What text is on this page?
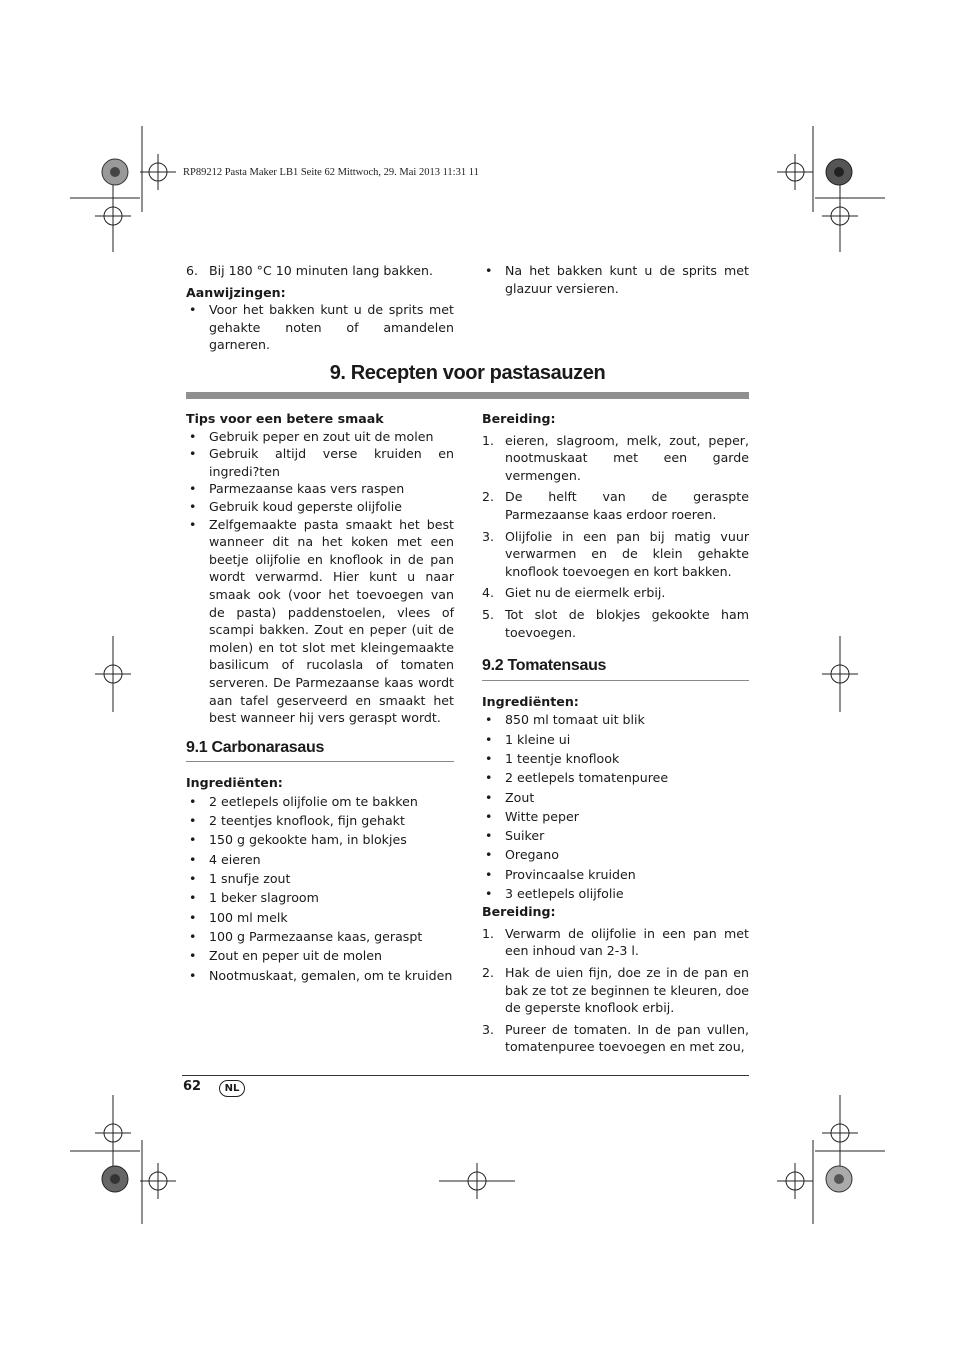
RP89212 Pasta Maker LB1 Seite 62 Mittwoch, 29. Mai 2013 11:31 11
6. Bij 180 °C 10 minuten lang bakken.

Aanwijzingen:

• Voor het bakken kunt u de sprits met gehakte noten of amandelen garneren.
• Na het bakken kunt u de sprits met glazuur versieren.
9. Recepten voor pastasauzen

Tips voor een betere smaak

• Gebruik peper en zout uit de molen
• Gebruik altijd verse kruiden en ingredi?ten
• Parmezaanse kaas vers raspen
• Gebruik koud geperste olijfolie
• Zelfgemaakte pasta smaakt het best wanneer dit na het koken met een beetje olijfolie en knoflook in de pan wordt verwarmd. Hier kunt u naar smaak ook (voor het toevoegen van de pasta) paddenstoelen, vlees of scampi bakken. Zout en peper (uit de molen) en tot slot met kleingemaakte basilicum of rucolasla of tomaten serveren. De Parmezaanse kaas wordt aan tafel geserveerd en smaakt het best wanneer hij vers geraspt wordt.
9.1 Carbonarasaus

Ingrediënten:

• 2 eetlepels olijfolie om te bakken
• 2 teentjes knoflook, fijn gehakt
• 150 g gekookte ham, in blokjes
• 4 eieren
• 1 snufje zout
• 1 beker slagroom
• 100 ml melk
• 100 g Parmezaanse kaas, geraspt
• Zout en peper uit de molen
• Nootmuskaat, gemalen, om te kruiden

Bereiding:

1. eieren, slagroom, melk, zout, peper, nootmuskaat met een garde vermengen.
2. De helft van de geraspte Parmezaanse kaas erdoor roeren.
3. Olijfolie in een pan bij matig vuur verwarmen en de klein gehakte knoflook toevoegen en kort bakken.
4. Giet nu de eiermelk erbij.
5. Tot slot de blokjes gekookte ham toevoegen.
9.2 Tomatensaus

Ingrediënten:

• 850 ml tomaat uit blik
• 1 kleine ui
• 1 teentje knoflook
• 2 eetlepels tomatenpuree
• Zout
• Witte peper
• Suiker
• Oregano
• Provincaalse kruiden
• 3 eetlepels olijfolie

Bereiding:

1. Verwarm de olijfolie in een pan met een inhoud van 2-3 l.
2. Hak de uien fijn, doe ze in de pan en bak ze tot ze beginnen te kleuren, doe de geperste knoflook erbij.
3. Pureer de tomaten. In de pan vullen, tomatenpuree toevoegen en met zou,
62	NL
